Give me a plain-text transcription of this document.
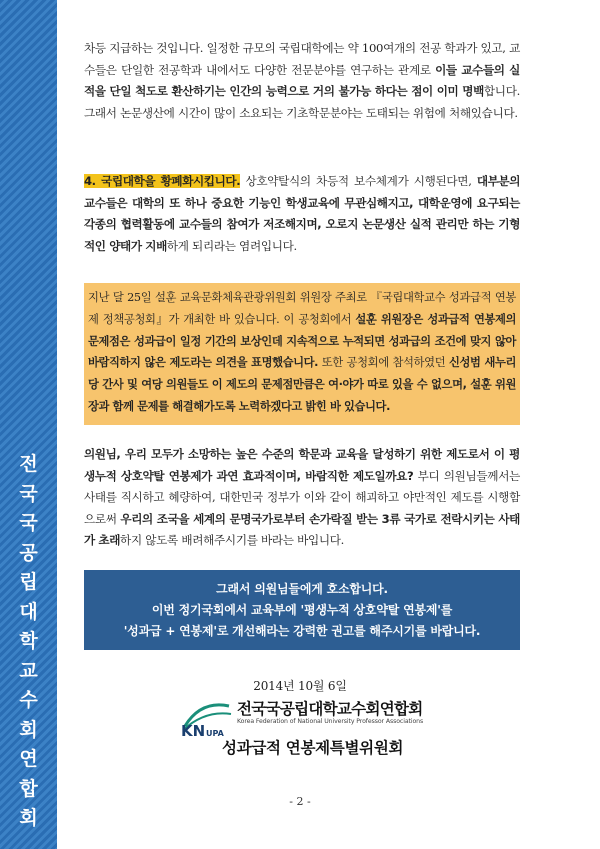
전
국
국
공
립
대
학
교
수
회
연
합
회

차등 지급하는 것입니다. 일정한 규모의 국립대학에는 약 100여개의 전공 학과가 있고, 교수들은 단일한 전공학과 내에서도 다양한 전문분야를 연구하는 관계로 이들 교수들의 실적을 단일 척도로 환산하기는 인간의 능력으로 거의 불가능 하다는 점이 이미 명백합니다. 그래서 논문생산에 시간이 많이 소요되는 기초학문분야는 도태되는 위험에 처해있습니다.

4. 국립대학을 황폐화시킵니다. 상호약탈식의 차등적 보수체계가 시행된다면, 대부분의 교수들은 대학의 또 하나 중요한 기능인 학생교육에 무관심해지고, 대학운영에 요구되는 각종의 협력활동에 교수들의 참여가 저조해지며, 오로지 논문생산 실적 관리만 하는 기형적인 양태가 지배하게 되리라는 염려입니다.

지난 달 25일 설훈 교육문화체육관광위원회 위원장 주최로 『국립대학교수 성과급적 연봉제 정책공청회』가 개최한 바 있습니다. 이 공청회에서 설훈 위원장은 성과급적 연봉제의 문제점은 성과급이 일정 기간의 보상인데 지속적으로 누적되면 성과급의 조건에 맞지 않아 바람직하지 않은 제도라는 의견을 표명했습니다. 또한 공청회에 참석하였던 신성범 새누리당 간사 및 여당 의원들도 이 제도의 문제점만큼은 여·야가 따로 있을 수 없으며, 설훈 위원장과 함께 문제를 해결해가도록 노력하겠다고 밝힌 바 있습니다.

의원님, 우리 모두가 소망하는 높은 수준의 학문과 교육을 달성하기 위한 제도로서 이 평생누적 상호약탈 연봉제가 과연 효과적이며, 바람직한 제도일까요? 부디 의원님들께서는 사태를 직시하고 혜량하여, 대한민국 정부가 이와 같이 해괴하고 야만적인 제도를 시행함으로써 우리의 조국을 세계의 문명국가로부터 손가락질 받는 3류 국가로 전락시키는 사태가 초래하지 않도록 배려해주시기를 바라는 바입니다.

그래서 의원님들에게 호소합니다.
이번 정기국회에서 교육부에 '평생누적 상호약탈 연봉제'를
'성과급 + 연봉제'로 개선해라는 강력한 권고를 해주시기를 바랍니다.
2014년 10월 6일
KN UPA
전국국공립대학교수회연합회
Korea Federation of National University Professor Associations
성과급적 연봉제특별위원회
- 2 -
